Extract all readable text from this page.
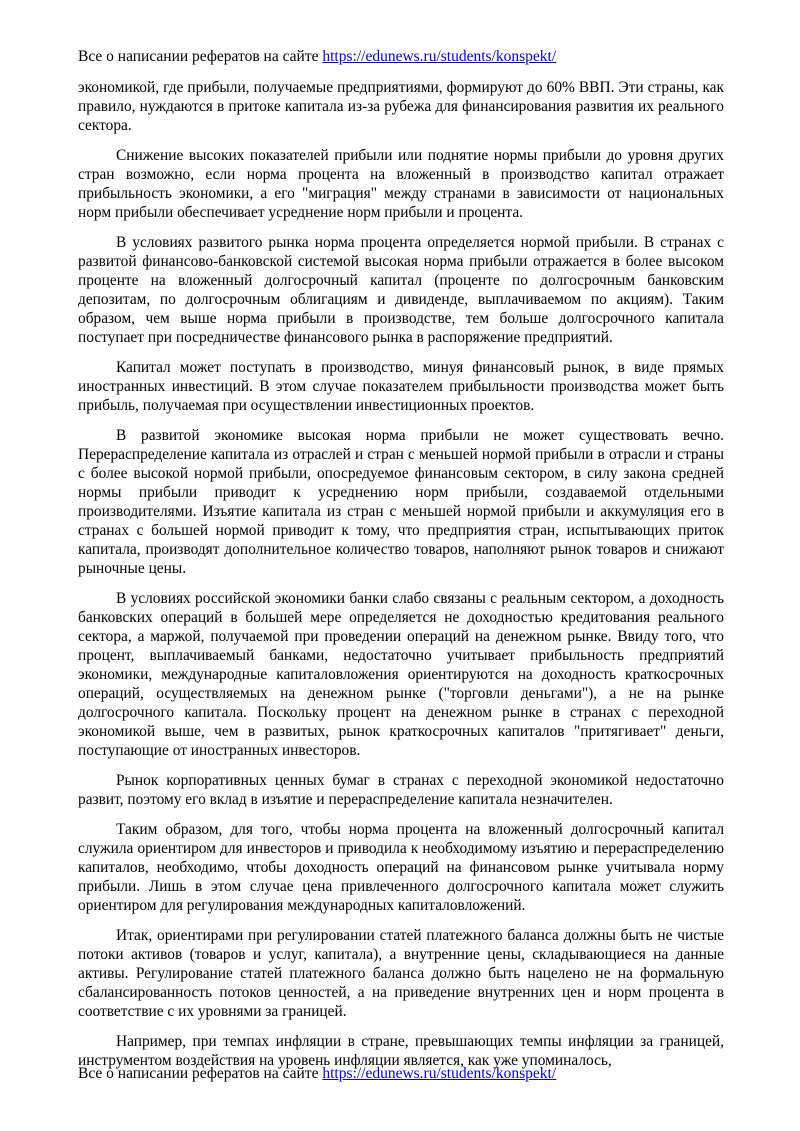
Все о написании рефератов на сайте https://edunews.ru/students/konspekt/

экономикой, где прибыли, получаемые предприятиями, формируют до 60% ВВП. Эти страны, как правило, нуждаются в притоке капитала из-за рубежа для финансирования развития их реального сектора.

Снижение высоких показателей прибыли или поднятие нормы прибыли до уровня других стран возможно, если норма процента на вложенный в производство капитал отражает прибыльность экономики, а его "миграция" между странами в зависимости от национальных норм прибыли обеспечивает усреднение норм прибыли и процента.

В условиях развитого рынка норма процента определяется нормой прибыли. В странах с развитой финансово-банковской системой высокая норма прибыли отражается в более высоком проценте на вложенный долгосрочный капитал (проценте по долгосрочным банковским депозитам, по долгосрочным облигациям и дивиденде, выплачиваемом по акциям). Таким образом, чем выше норма прибыли в производстве, тем больше долгосрочного капитала поступает при посредничестве финансового рынка в распоряжение предприятий.

Капитал может поступать в производство, минуя финансовый рынок, в виде прямых иностранных инвестиций. В этом случае показателем прибыльности производства может быть прибыль, получаемая при осуществлении инвестиционных проектов.

В развитой экономике высокая норма прибыли не может существовать вечно. Перераспределение капитала из отраслей и стран с меньшей нормой прибыли в отрасли и страны с более высокой нормой прибыли, опосредуемое финансовым сектором, в силу закона средней нормы прибыли приводит к усреднению норм прибыли, создаваемой отдельными производителями. Изъятие капитала из стран с меньшей нормой прибыли и аккумуляция его в странах с большей нормой приводит к тому, что предприятия стран, испытывающих приток капитала, производят дополнительное количество товаров, наполняют рынок товаров и снижают рыночные цены.

В условиях российской экономики банки слабо связаны с реальным сектором, а доходность банковских операций в большей мере определяется не доходностью кредитования реального сектора, а маржой, получаемой при проведении операций на денежном рынке. Ввиду того, что процент, выплачиваемый банками, недостаточно учитывает прибыльность предприятий экономики, международные капиталовложения ориентируются на доходность краткосрочных операций, осуществляемых на денежном рынке ("торговли деньгами"), а не на рынке долгосрочного капитала. Поскольку процент на денежном рынке в странах с переходной экономикой выше, чем в развитых, рынок краткосрочных капиталов "притягивает" деньги, поступающие от иностранных инвесторов.

Рынок корпоративных ценных бумаг в странах с переходной экономикой недостаточно развит, поэтому его вклад в изъятие и перераспределение капитала незначителен.

Таким образом, для того, чтобы норма процента на вложенный долгосрочный капитал служила ориентиром для инвесторов и приводила к необходимому изъятию и перераспределению капиталов, необходимо, чтобы доходность операций на финансовом рынке учитывала норму прибыли. Лишь в этом случае цена привлеченного долгосрочного капитала может служить ориентиром для регулирования международных капиталовложений.

Итак, ориентирами при регулировании статей платежного баланса должны быть не чистые потоки активов (товаров и услуг, капитала), а внутренние цены, складывающиеся на данные активы. Регулирование статей платежного баланса должно быть нацелено не на формальную сбалансированность потоков ценностей, а на приведение внутренних цен и норм процента в соответствие с их уровнями за границей.

Например, при темпах инфляции в стране, превышающих темпы инфляции за границей, инструментом воздействия на уровень инфляции является, как уже упоминалось,

Все о написании рефератов на сайте https://edunews.ru/students/konspekt/
